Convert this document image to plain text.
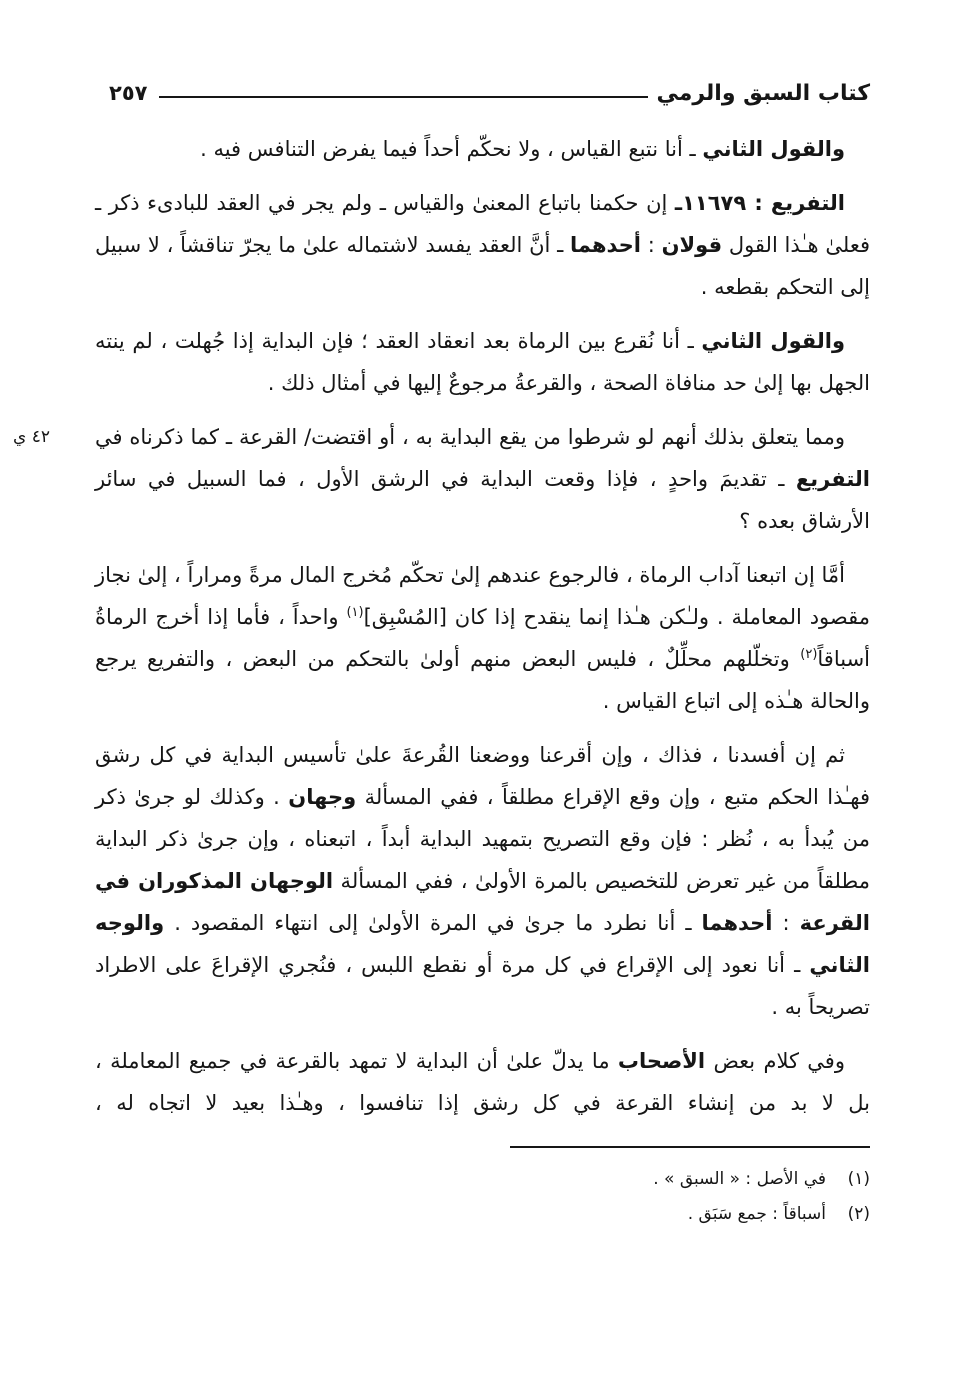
كتاب السبق والرمي
٢٥٧

والقول الثاني ـ أنا نتبع القياس ، ولا نحكّم أحداً فيما يفرض التنافس فيه .

التفريع : ١١٦٧٩ـ إن حكمنا باتباع المعنىٰ والقياس ـ ولم يجر في العقد للبادىء ذكر ـ فعلىٰ هـٰذا القول قولان : أحدهما ـ أنَّ العقد يفسد لاشتماله علىٰ ما يجرّ تناقشاً ، لا سبيل إلى التحكم بقطعه .

والقول الثاني ـ أنا نُقرع بين الرماة بعد انعقاد العقد ؛ فإن البداية إذا جُهلت ، لم ينته الجهل بها إلىٰ حد منافاة الصحة ، والقرعةُ مرجوعٌ إليها في أمثال ذلك .

ومما يتعلق بذلك أنهم لو شرطوا من يقع البداية به ، أو اقتضت/ القرعة ـ كما ذكرناه في التفريع ـ تقديمَ واحدٍ ، فإذا وقعت البداية في الرشق الأول ، فما السبيل في سائر الأرشاق بعده ؟
٤٢ ي

أمَّا إن اتبعنا آداب الرماة ، فالرجوع عندهم إلىٰ تحكّم مُخرج المال مرةً ومراراً ، إلىٰ نجاز مقصود المعاملة . ولـٰكن هـٰذا إنما ينقدح إذا كان [المُسْبِق]$^{(١)}$ واحداً ، فأما إذا أخرج الرماةُ أسباقاً$^{(٢)}$ وتخلّلهم محلِّلٌ ، فليس البعض منهم أولىٰ بالتحكم من البعض ، والتفريع يرجع والحالة هـٰذه إلى اتباع القياس .

ثم إن أفسدنا ، فذاك ، وإن أقرعنا ووضعنا القُرعةَ علىٰ تأسيس البداية في كل رشق فهـٰذا الحكم متبع ، وإن وقع الإقراع مطلقاً ، ففي المسألة وجهان . وكذلك لو جرىٰ ذكر من يُبدأ به ، نُظر : فإن وقع التصريح بتمهيد البداية أبداً ، اتبعناه ، وإن جرىٰ ذكر البداية مطلقاً من غير تعرض للتخصيص بالمرة الأولىٰ ، ففي المسألة الوجهان المذكوران في القرعة : أحدهما ـ أنا نطرد ما جرىٰ في المرة الأولىٰ إلى انتهاء المقصود . والوجه الثاني ـ أنا نعود إلى الإقراع في كل مرة أو نقطع اللبس ، فنُجري الإقراعَ على الاطراد تصريحاً به .

وفي كلام بعض الأصحاب ما يدلّ علىٰ أن البداية لا تمهد بالقرعة في جميع المعاملة ، بل لا بد من إنشاء القرعة في كل رشق إذا تنافسوا ، وهـٰذا بعيد لا اتجاه له ،

(١)
في الأصل : « السبق » .
(٢)
أسباقاً : جمع سَبَق .
